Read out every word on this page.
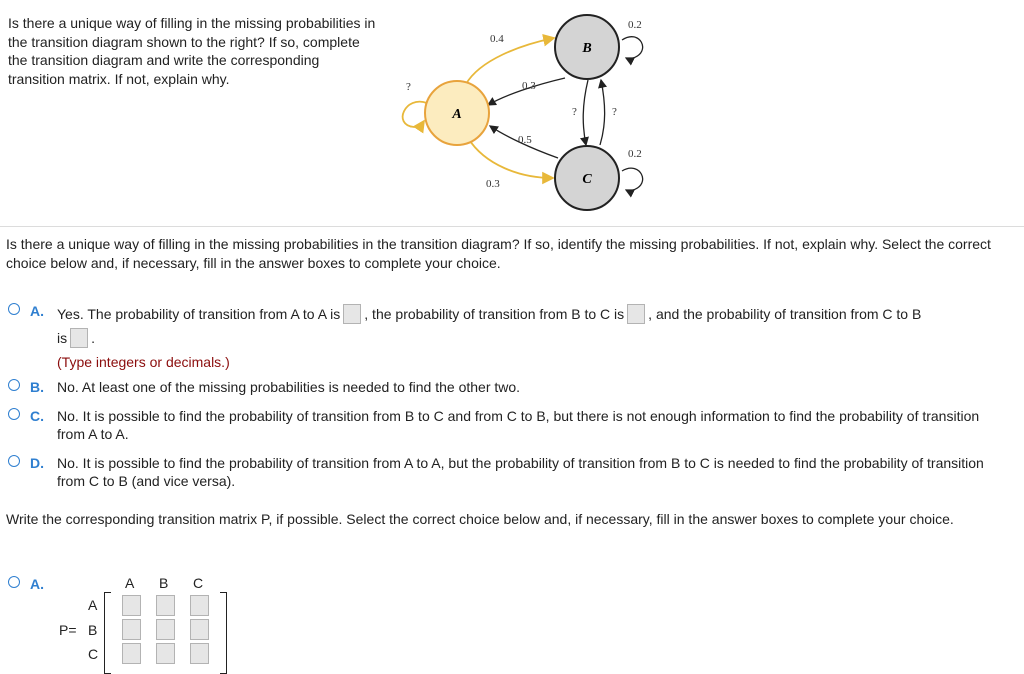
Is there a unique way of filling in the missing probabilities in the transition diagram shown to the right? If so, complete the transition diagram and write the corresponding transition matrix. If not, explain why.
A
B
C
?
0.4
0.3
0.5
0.3
0.2
0.2
?	?
Is there a unique way of filling in the missing probabilities in the transition diagram? If so, identify the missing probabilities. If not, explain why. Select the correct choice below and, if necessary, fill in the answer boxes to complete your choice.
A. Yes. The probability of transition from A to A is , the probability of transition from B to C is , and the probability of transition from C to B
is .
(Type integers or decimals.)
B. No. At least one of the missing probabilities is needed to find the other two.
C. No. It is possible to find the probability of transition from B to C and from C to B, but there is not enough information to find the probability of transition from A to A.
D. No. It is possible to find the probability of transition from A to A, but the probability of transition from B to C is needed to find the probability of transition from C to B (and vice versa).
Write the corresponding transition matrix P, if possible. Select the correct choice below and, if necessary, fill in the answer boxes to complete your choice.
A.	A B C
A
B
C
P=
